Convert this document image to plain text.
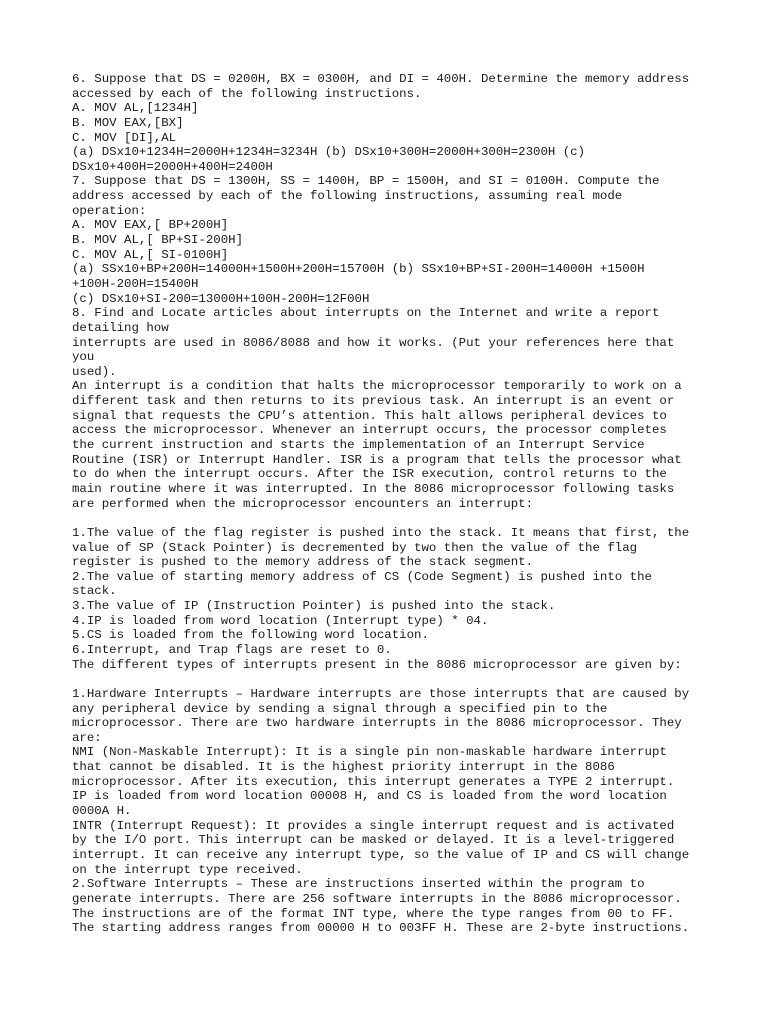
6. Suppose that DS = 0200H, BX = 0300H, and DI = 400H. Determine the memory address
accessed by each of the following instructions.
A. MOV AL,[1234H]
B. MOV EAX,[BX]
C. MOV [DI],AL
(a) DSx10+1234H=2000H+1234H=3234H (b) DSx10+300H=2000H+300H=2300H (c)
DSx10+400H=2000H+400H=2400H
7. Suppose that DS = 1300H, SS = 1400H, BP = 1500H, and SI = 0100H. Compute the
address accessed by each of the following instructions, assuming real mode
operation:
A. MOV EAX,[ BP+200H]
B. MOV AL,[ BP+SI-200H]
C. MOV AL,[ SI-0100H]
(a) SSx10+BP+200H=14000H+1500H+200H=15700H (b) SSx10+BP+SI-200H=14000H +1500H
+100H-200H=15400H
(c) DSx10+SI-200=13000H+100H-200H=12F00H
8. Find and Locate articles about interrupts on the Internet and write a report
detailing how
interrupts are used in 8086/8088 and how it works. (Put your references here that
you
used).
An interrupt is a condition that halts the microprocessor temporarily to work on a
different task and then returns to its previous task. An interrupt is an event or
signal that requests the CPU’s attention. This halt allows peripheral devices to
access the microprocessor. Whenever an interrupt occurs, the processor completes
the current instruction and starts the implementation of an Interrupt Service
Routine (ISR) or Interrupt Handler. ISR is a program that tells the processor what
to do when the interrupt occurs. After the ISR execution, control returns to the
main routine where it was interrupted. In the 8086 microprocessor following tasks
are performed when the microprocessor encounters an interrupt:
1.The value of the flag register is pushed into the stack. It means that first, the
value of SP (Stack Pointer) is decremented by two then the value of the flag
register is pushed to the memory address of the stack segment.
2.The value of starting memory address of CS (Code Segment) is pushed into the
stack.
3.The value of IP (Instruction Pointer) is pushed into the stack.
4.IP is loaded from word location (Interrupt type) * 04.
5.CS is loaded from the following word location.
6.Interrupt, and Trap flags are reset to 0.
The different types of interrupts present in the 8086 microprocessor are given by:
1.Hardware Interrupts – Hardware interrupts are those interrupts that are caused by
any peripheral device by sending a signal through a specified pin to the
microprocessor. There are two hardware interrupts in the 8086 microprocessor. They
are:
NMI (Non-Maskable Interrupt): It is a single pin non-maskable hardware interrupt
that cannot be disabled. It is the highest priority interrupt in the 8086
microprocessor. After its execution, this interrupt generates a TYPE 2 interrupt.
IP is loaded from word location 00008 H, and CS is loaded from the word location
0000A H.
INTR (Interrupt Request): It provides a single interrupt request and is activated
by the I/O port. This interrupt can be masked or delayed. It is a level-triggered
interrupt. It can receive any interrupt type, so the value of IP and CS will change
on the interrupt type received.
2.Software Interrupts – These are instructions inserted within the program to
generate interrupts. There are 256 software interrupts in the 8086 microprocessor.
The instructions are of the format INT type, where the type ranges from 00 to FF.
The starting address ranges from 00000 H to 003FF H. These are 2-byte instructions.
